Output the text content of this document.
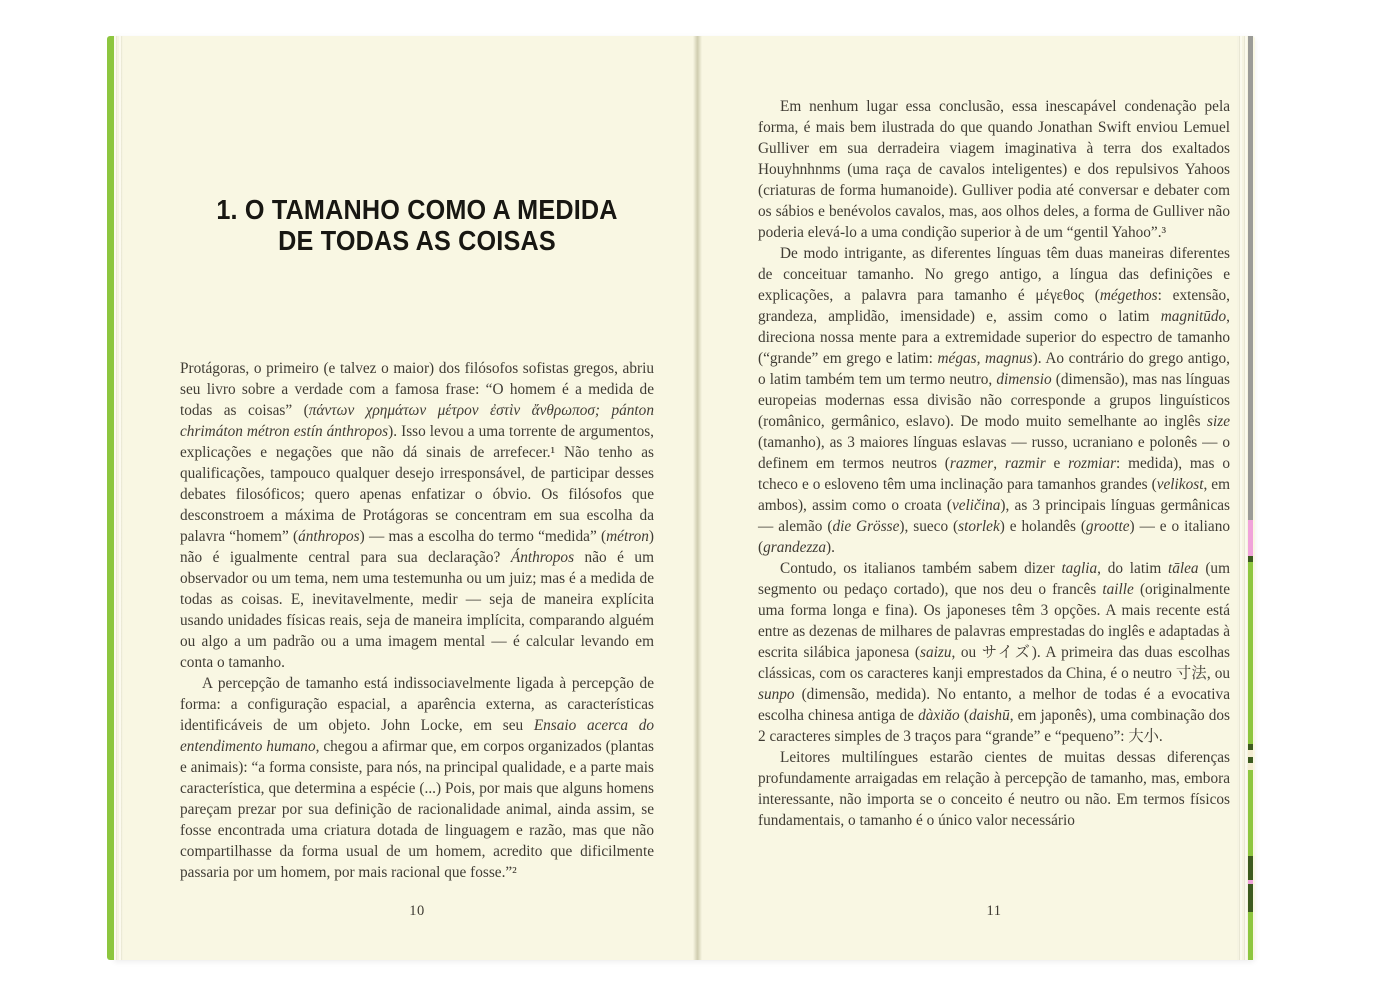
1. O TAMANHO COMO A MEDIDA
DE TODAS AS COISAS

Protágoras, o primeiro (e talvez o maior) dos filósofos sofistas gregos, abriu seu livro sobre a verdade com a famosa frase: “O homem é a medida de todas as coisas” (πάντων χρημάτων μέτρον ἐστὶν ἄνθρωποσ; pánton chrimáton métron estín ánthropos). Isso levou a uma torrente de argumentos, explicações e negações que não dá sinais de arrefecer.¹ Não tenho as qualificações, tampouco qualquer desejo irresponsável, de participar desses debates filosóficos; quero apenas enfatizar o óbvio. Os filósofos que desconstroem a máxima de Protágoras se concentram em sua escolha da palavra “homem” (ánthropos) — mas a escolha do termo “medida” (métron) não é igualmente central para sua declaração? Ánthropos não é um observador ou um tema, nem uma testemunha ou um juiz; mas é a medida de todas as coisas. E, inevitavelmente, medir — seja de maneira explícita usando unidades físicas reais, seja de maneira implícita, comparando alguém ou algo a um padrão ou a uma imagem mental — é calcular levando em conta o tamanho.

A percepção de tamanho está indissociavelmente ligada à percepção de forma: a configuração espacial, a aparência externa, as características identificáveis de um objeto. John Locke, em seu Ensaio acerca do entendimento humano, chegou a afirmar que, em corpos organizados (plantas e animais): “a forma consiste, para nós, na principal qualidade, e a parte mais característica, que determina a espécie (...) Pois, por mais que alguns homens pareçam prezar por sua definição de racionalidade animal, ainda assim, se fosse encontrada uma criatura dotada de linguagem e razão, mas que não compartilhasse da forma usual de um homem, acredito que dificilmente passaria por um homem, por mais racional que fosse.”²

10

Em nenhum lugar essa conclusão, essa inescapável condenação pela forma, é mais bem ilustrada do que quando Jonathan Swift enviou Lemuel Gulliver em sua derradeira viagem imaginativa à terra dos exaltados Houyhnhnms (uma raça de cavalos inteligentes) e dos repulsivos Yahoos (criaturas de forma humanoide). Gulliver podia até conversar e debater com os sábios e benévolos cavalos, mas, aos olhos deles, a forma de Gulliver não poderia elevá-lo a uma condição superior à de um “gentil Yahoo”.³

De modo intrigante, as diferentes línguas têm duas maneiras diferentes de conceituar tamanho. No grego antigo, a língua das definições e explicações, a palavra para tamanho é μέγεθος (mégethos: extensão, grandeza, amplidão, imensidade) e, assim como o latim magnitūdo, direciona nossa mente para a extremidade superior do espectro de tamanho (“grande” em grego e latim: mégas, magnus). Ao contrário do grego antigo, o latim também tem um termo neutro, dimensio (dimensão), mas nas línguas europeias modernas essa divisão não corresponde a grupos linguísticos (românico, germânico, eslavo). De modo muito semelhante ao inglês size (tamanho), as 3 maiores línguas eslavas — russo, ucraniano e polonês — o definem em termos neutros (razmer, razmir e rozmiar: medida), mas o tcheco e o esloveno têm uma inclinação para tamanhos grandes (velikost, em ambos), assim como o croata (veličina), as 3 principais línguas germânicas — alemão (die Grösse), sueco (storlek) e holandês (grootte) — e o italiano (grandezza).

Contudo, os italianos também sabem dizer taglia, do latim tālea (um segmento ou pedaço cortado), que nos deu o francês taille (originalmente uma forma longa e fina). Os japoneses têm 3 opções. A mais recente está entre as dezenas de milhares de palavras emprestadas do inglês e adaptadas à escrita silábica japonesa (saizu, ou サイズ). A primeira das duas escolhas clássicas, com os caracteres kanji emprestados da China, é o neutro 寸法, ou sunpo (dimensão, medida). No entanto, a melhor de todas é a evocativa escolha chinesa antiga de dàxiăo (daishū, em japonês), uma combinação dos 2 caracteres simples de 3 traços para “grande” e “pequeno”: 大小.

Leitores multilíngues estarão cientes de muitas dessas diferenças profundamente arraigadas em relação à percepção de tamanho, mas, embora interessante, não importa se o conceito é neutro ou não. Em termos físicos fundamentais, o tamanho é o único valor necessário

11
